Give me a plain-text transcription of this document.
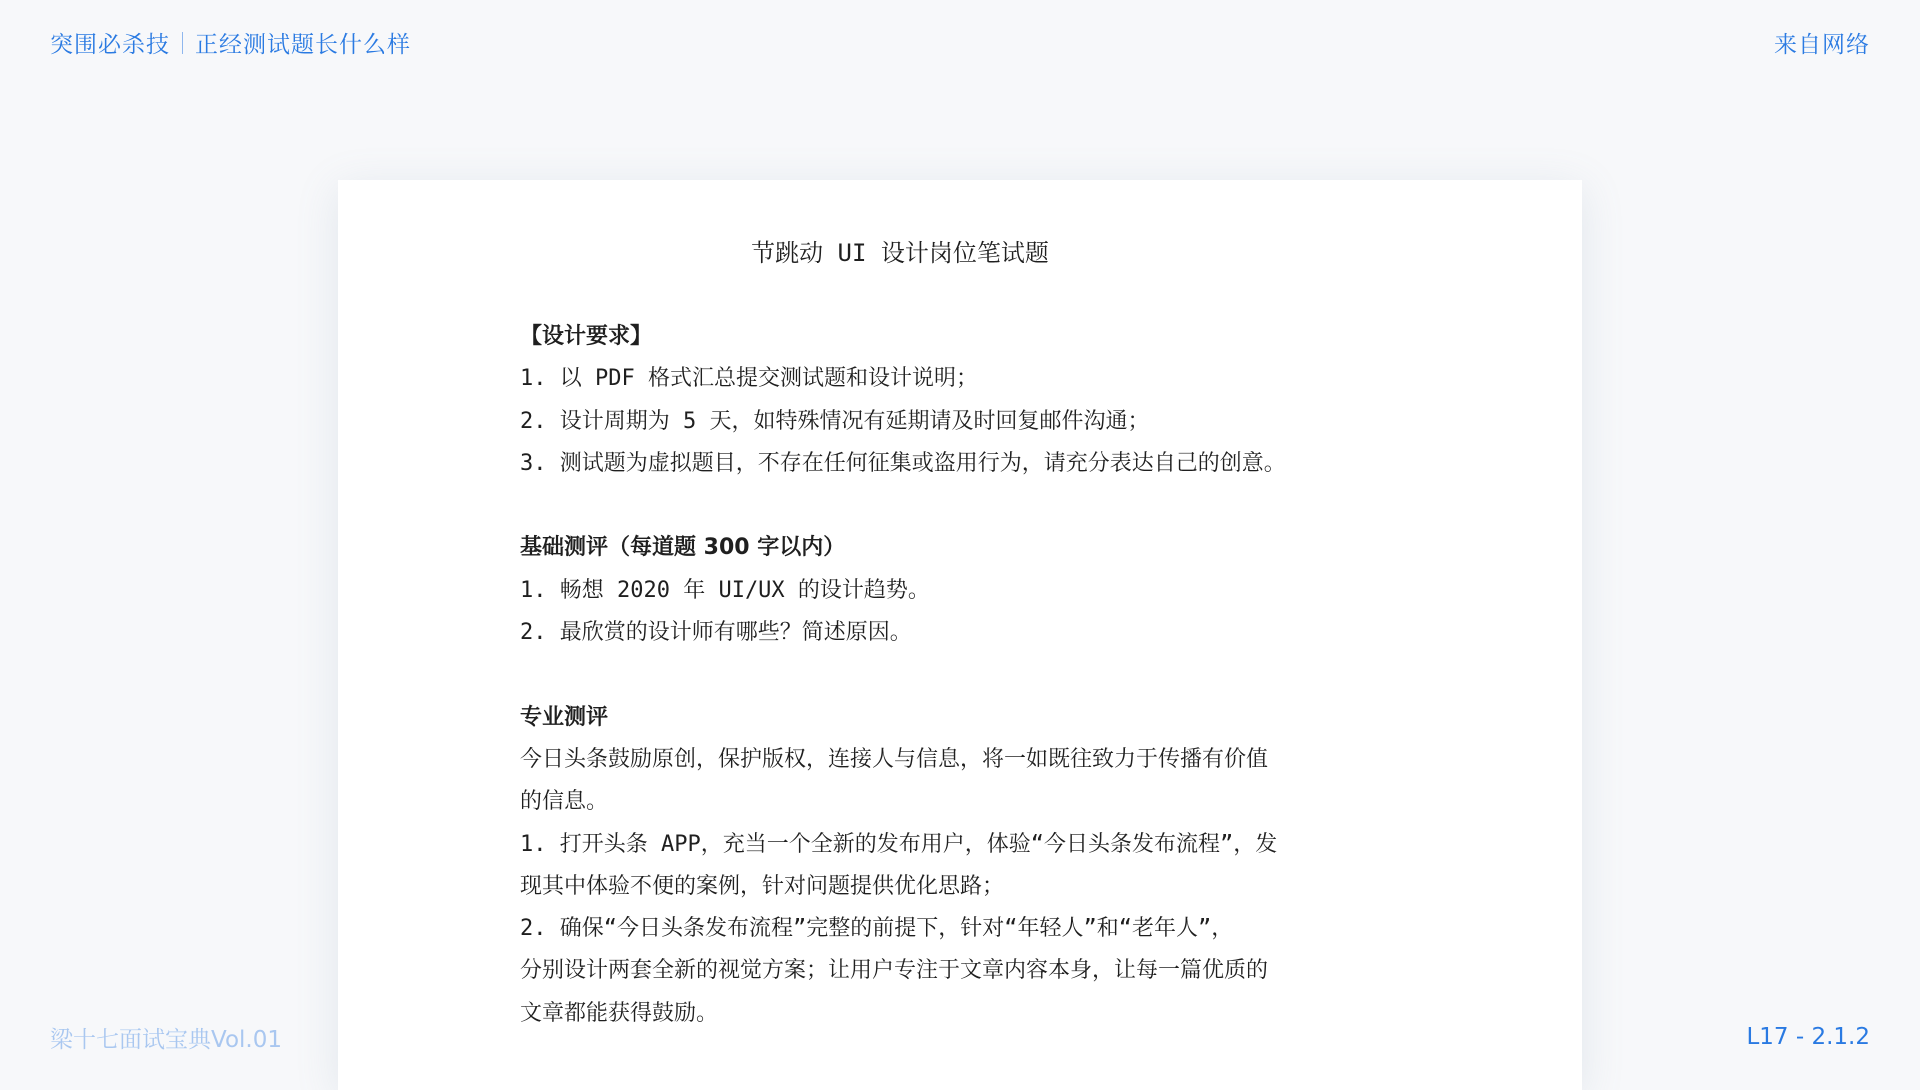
突围必杀技 正经测试题长什么样	来自网络
节跳动 UI 设计岗位笔试题
【设计要求】
1. 以 PDF 格式汇总提交测试题和设计说明；
2. 设计周期为 5 天，如特殊情况有延期请及时回复邮件沟通；
3. 测试题为虚拟题目，不存在任何征集或盗用行为，请充分表达自己的创意。
基础测评（每道题 300 字以内）
1. 畅想 2020 年 UI/UX 的设计趋势。
2. 最欣赏的设计师有哪些？简述原因。
专业测评
今日头条鼓励原创，保护版权，连接人与信息，将一如既往致力于传播有价值
的信息。
1. 打开头条 APP，充当一个全新的发布用户，体验“今日头条发布流程”，发
现其中体验不便的案例，针对问题提供优化思路；
2. 确保“今日头条发布流程”完整的前提下，针对“年轻人”和“老年人”，
分别设计两套全新的视觉方案；让用户专注于文章内容本身，让每一篇优质的
文章都能获得鼓励。
梁十七面试宝典Vol.01	L17 - 2.1.2
